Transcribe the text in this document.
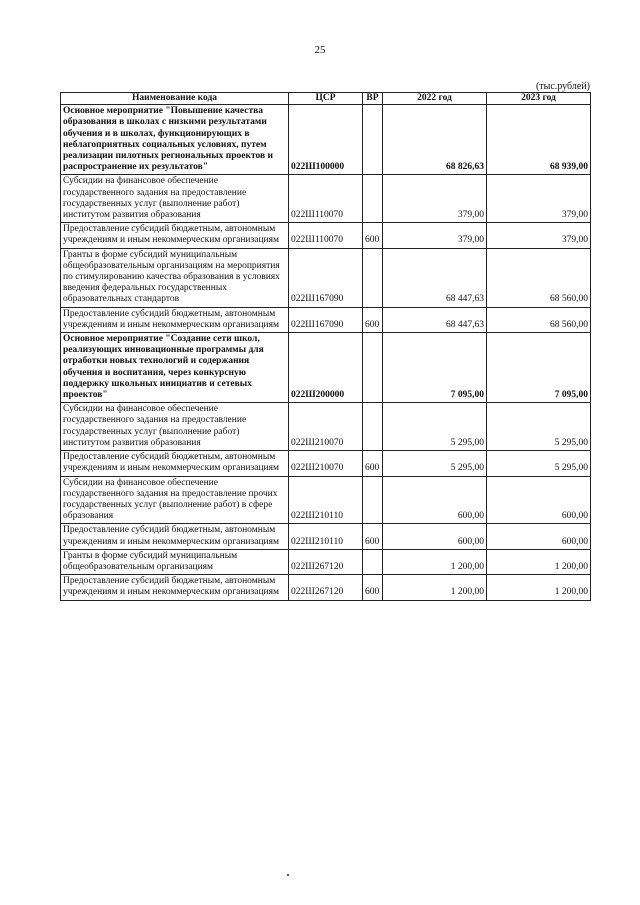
25
(тыс.рублей)
Наименование кода	ЦСР	ВР	2022 год	2023 год
Основное мероприятие "Повышение качества образования в школах с низкими результатами обучения и в школах, функционирующих в неблагоприятных социальных условиях, путем реализации пилотных региональных проектов и распространение их результатов"	022Ш100000		68 826,63	68 939,00
Субсидии на финансовое обеспечение государственного задания на предоставление государственных услуг (выполнение работ) институтом развития образования	022Ш110070		379,00	379,00
Предоставление субсидий бюджетным, автономным учреждениям и иным некоммерческим организациям	022Ш110070	600	379,00	379,00
Гранты в форме субсидий муниципальным общеобразовательным организациям на мероприятия по стимулированию качества образования в условиях введения федеральных государственных образовательных стандартов	022Ш167090		68 447,63	68 560,00
Предоставление субсидий бюджетным, автономным учреждениям и иным некоммерческим организациям	022Ш167090	600	68 447,63	68 560,00
Основное мероприятие "Создание сети школ, реализующих инновационные программы для отработки новых технологий и содержания обучения и воспитания, через конкурсную поддержку школьных инициатив и сетевых проектов"	022Ш200000		7 095,00	7 095,00
Субсидии на финансовое обеспечение государственного задания на предоставление государственных услуг (выполнение работ) институтом развития образования	022Ш210070		5 295,00	5 295,00
Предоставление субсидий бюджетным, автономным учреждениям и иным некоммерческим организациям	022Ш210070	600	5 295,00	5 295,00
Субсидии на финансовое обеспечение государственного задания на предоставление прочих государственных услуг (выполнение работ) в сфере образования	022Ш210110		600,00	600,00
Предоставление субсидий бюджетным, автономным учреждениям и иным некоммерческим организациям	022Ш210110	600	600,00	600,00
Гранты в форме субсидий муниципальным общеобразовательным организациям	022Ш267120		1 200,00	1 200,00
Предоставление субсидий бюджетным, автономным учреждениям и иным некоммерческим организациям	022Ш267120	600	1 200,00	1 200,00
